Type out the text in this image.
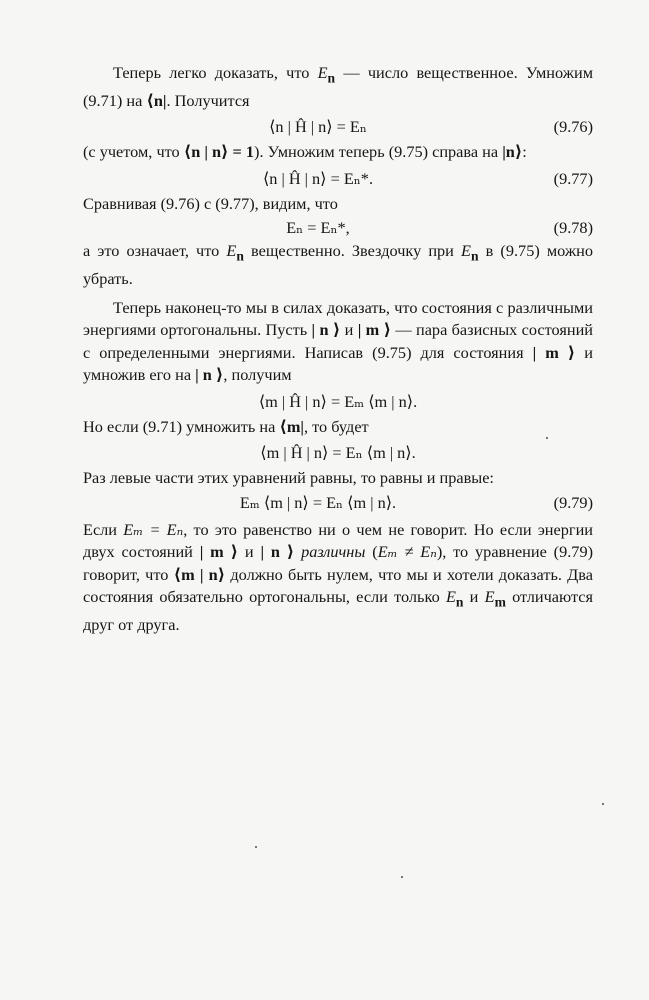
Теперь легко доказать, что $E_n$ — число вещественное. Умножим (9.71) на ⟨n|. Получится

⟨n | Ĥ | n⟩ = Eₙ	(9.76)

(с учетом, что ⟨n | n⟩ = 1). Умножим теперь (9.75) справа на |n⟩:

⟨n | Ĥ | n⟩ = Eₙ*.	(9.77)

Сравнивая (9.76) с (9.77), видим, что

Eₙ = Eₙ*,	(9.78)

а это означает, что $E_n$ вещественно. Звездочку при $E_n$ в (9.75) можно убрать.

Теперь наконец-то мы в силах доказать, что состояния с различными энергиями ортогональны. Пусть | n ⟩ и | m ⟩ — пара базисных состояний с определенными энергиями. Написав (9.75) для состояния | m ⟩ и умножив его на | n ⟩, получим

⟨m | Ĥ | n⟩ = Eₘ ⟨m | n⟩.

Но если (9.71) умножить на ⟨m|, то будет

⟨m | Ĥ | n⟩ = Eₙ ⟨m | n⟩.

Раз левые части этих уравнений равны, то равны и правые:

Eₘ ⟨m | n⟩ = Eₙ ⟨m | n⟩.	(9.79)

Если Eₘ = Eₙ, то это равенство ни о чем не говорит. Но если энергии двух состояний | m ⟩ и | n ⟩ различны (Eₘ ≠ Eₙ), то уравнение (9.79) говорит, что ⟨m | n⟩ должно быть нулем, что мы и хотели доказать. Два состояния обязательно ортогональны, если только $E_n$ и $E_m$ отличаются друг от друга.
